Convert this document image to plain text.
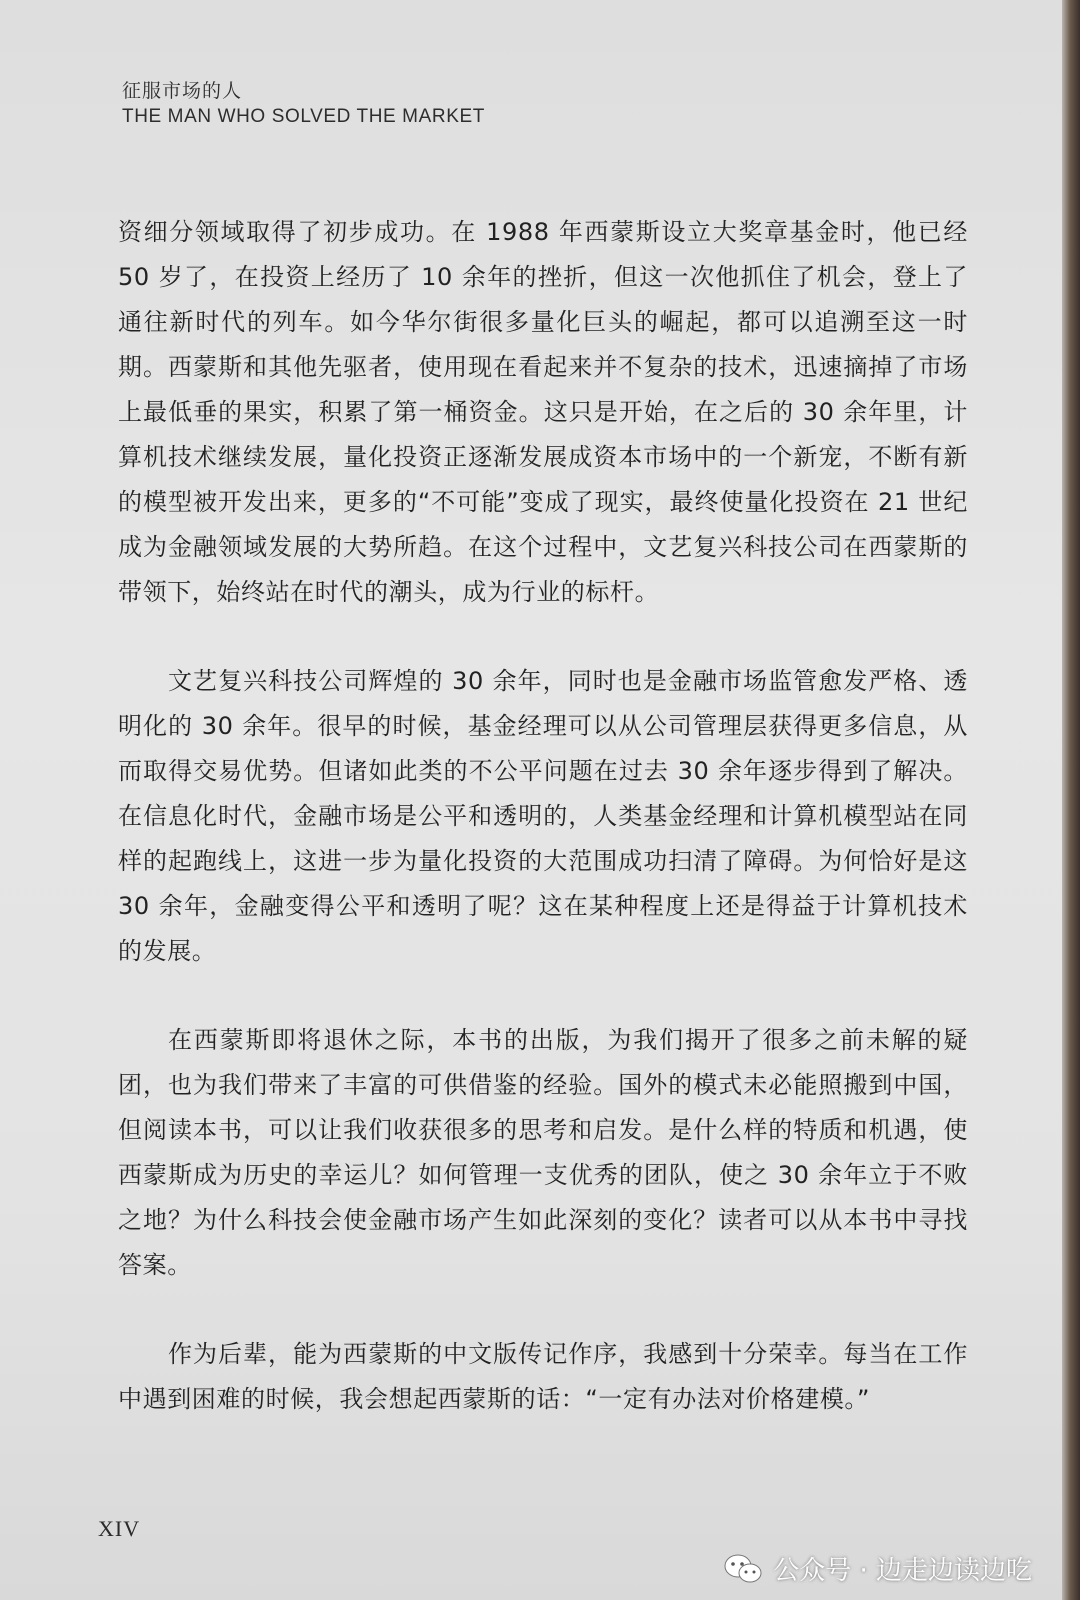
征服市场的人
THE MAN WHO SOLVED THE MARKET

资细分领域取得了初步成功。在 1988 年西蒙斯设立大奖章基金时，他已经 50 岁了，在投资上经历了 10 余年的挫折，但这一次他抓住了机会，登上了通往新时代的列车。如今华尔街很多量化巨头的崛起，都可以追溯至这一时期。西蒙斯和其他先驱者，使用现在看起来并不复杂的技术，迅速摘掉了市场上最低垂的果实，积累了第一桶资金。这只是开始，在之后的 30 余年里，计算机技术继续发展，量化投资正逐渐发展成资本市场中的一个新宠，不断有新的模型被开发出来，更多的“不可能”变成了现实，最终使量化投资在 21 世纪成为金融领域发展的大势所趋。在这个过程中，文艺复兴科技公司在西蒙斯的带领下，始终站在时代的潮头，成为行业的标杆。

文艺复兴科技公司辉煌的 30 余年，同时也是金融市场监管愈发严格、透明化的 30 余年。很早的时候，基金经理可以从公司管理层获得更多信息，从而取得交易优势。但诸如此类的不公平问题在过去 30 余年逐步得到了解决。在信息化时代，金融市场是公平和透明的，人类基金经理和计算机模型站在同样的起跑线上，这进一步为量化投资的大范围成功扫清了障碍。为何恰好是这 30 余年，金融变得公平和透明了呢？这在某种程度上还是得益于计算机技术的发展。

在西蒙斯即将退休之际，本书的出版，为我们揭开了很多之前未解的疑团，也为我们带来了丰富的可供借鉴的经验。国外的模式未必能照搬到中国，但阅读本书，可以让我们收获很多的思考和启发。是什么样的特质和机遇，使西蒙斯成为历史的幸运儿？如何管理一支优秀的团队，使之 30 余年立于不败之地？为什么科技会使金融市场产生如此深刻的变化？读者可以从本书中寻找答案。

作为后辈，能为西蒙斯的中文版传记作序，我感到十分荣幸。每当在工作中遇到困难的时候，我会想起西蒙斯的话：“一定有办法对价格建模。”

XIV
公众号 · 边走边读边吃
